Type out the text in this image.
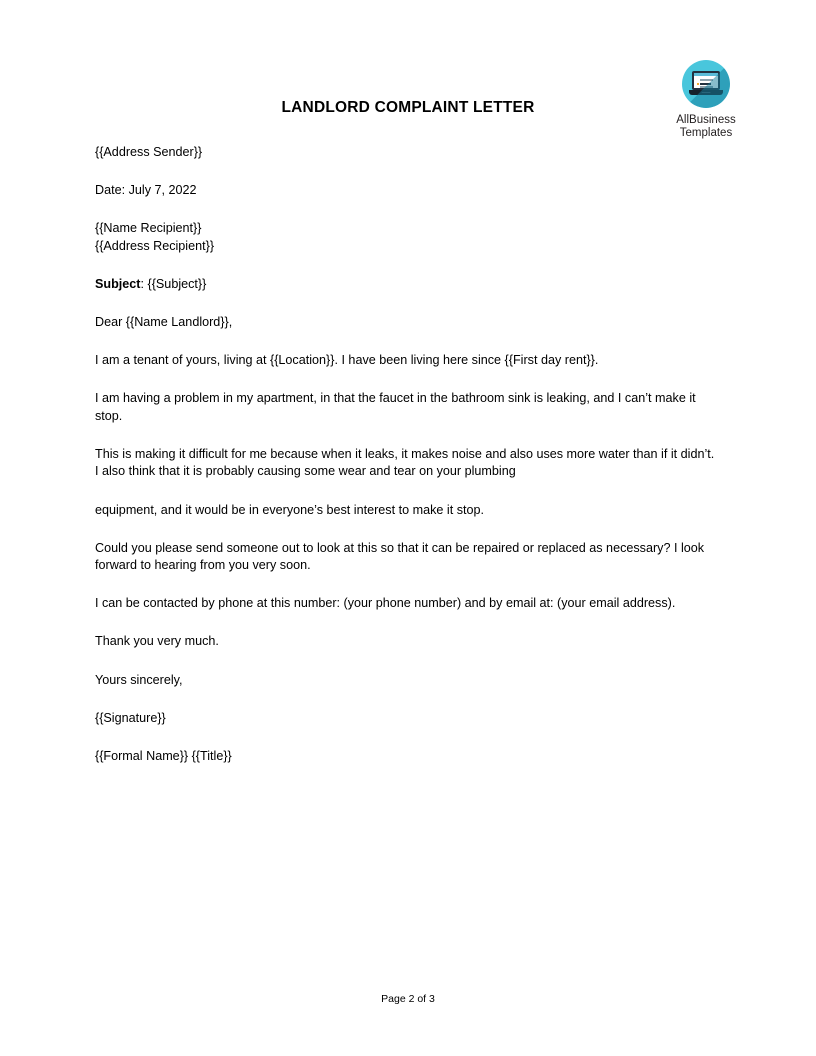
AllBusiness
Templates
LANDLORD COMPLAINT LETTER

{{Address Sender}}

Date: July 7, 2022

{{Name Recipient}}

{{Address Recipient}}

Subject: {{Subject}}

Dear {{Name Landlord}},

I am a tenant of yours, living at {{Location}}. I have been living here since {{First day rent}}.

I am having a problem in my apartment, in that the faucet in the bathroom sink is leaking, and I can’t make it stop.

This is making it difficult for me because when it leaks, it makes noise and also uses more water than if it didn’t. I also think that it is probably causing some wear and tear on your plumbing

equipment, and it would be in everyone’s best interest to make it stop.

Could you please send someone out to look at this so that it can be repaired or replaced as necessary? I look forward to hearing from you very soon.

I can be contacted by phone at this number: (your phone number) and by email at: (your email address).

Thank you very much.

Yours sincerely,

{{Signature}}

{{Formal Name}} {{Title}}

Page 2 of 3
